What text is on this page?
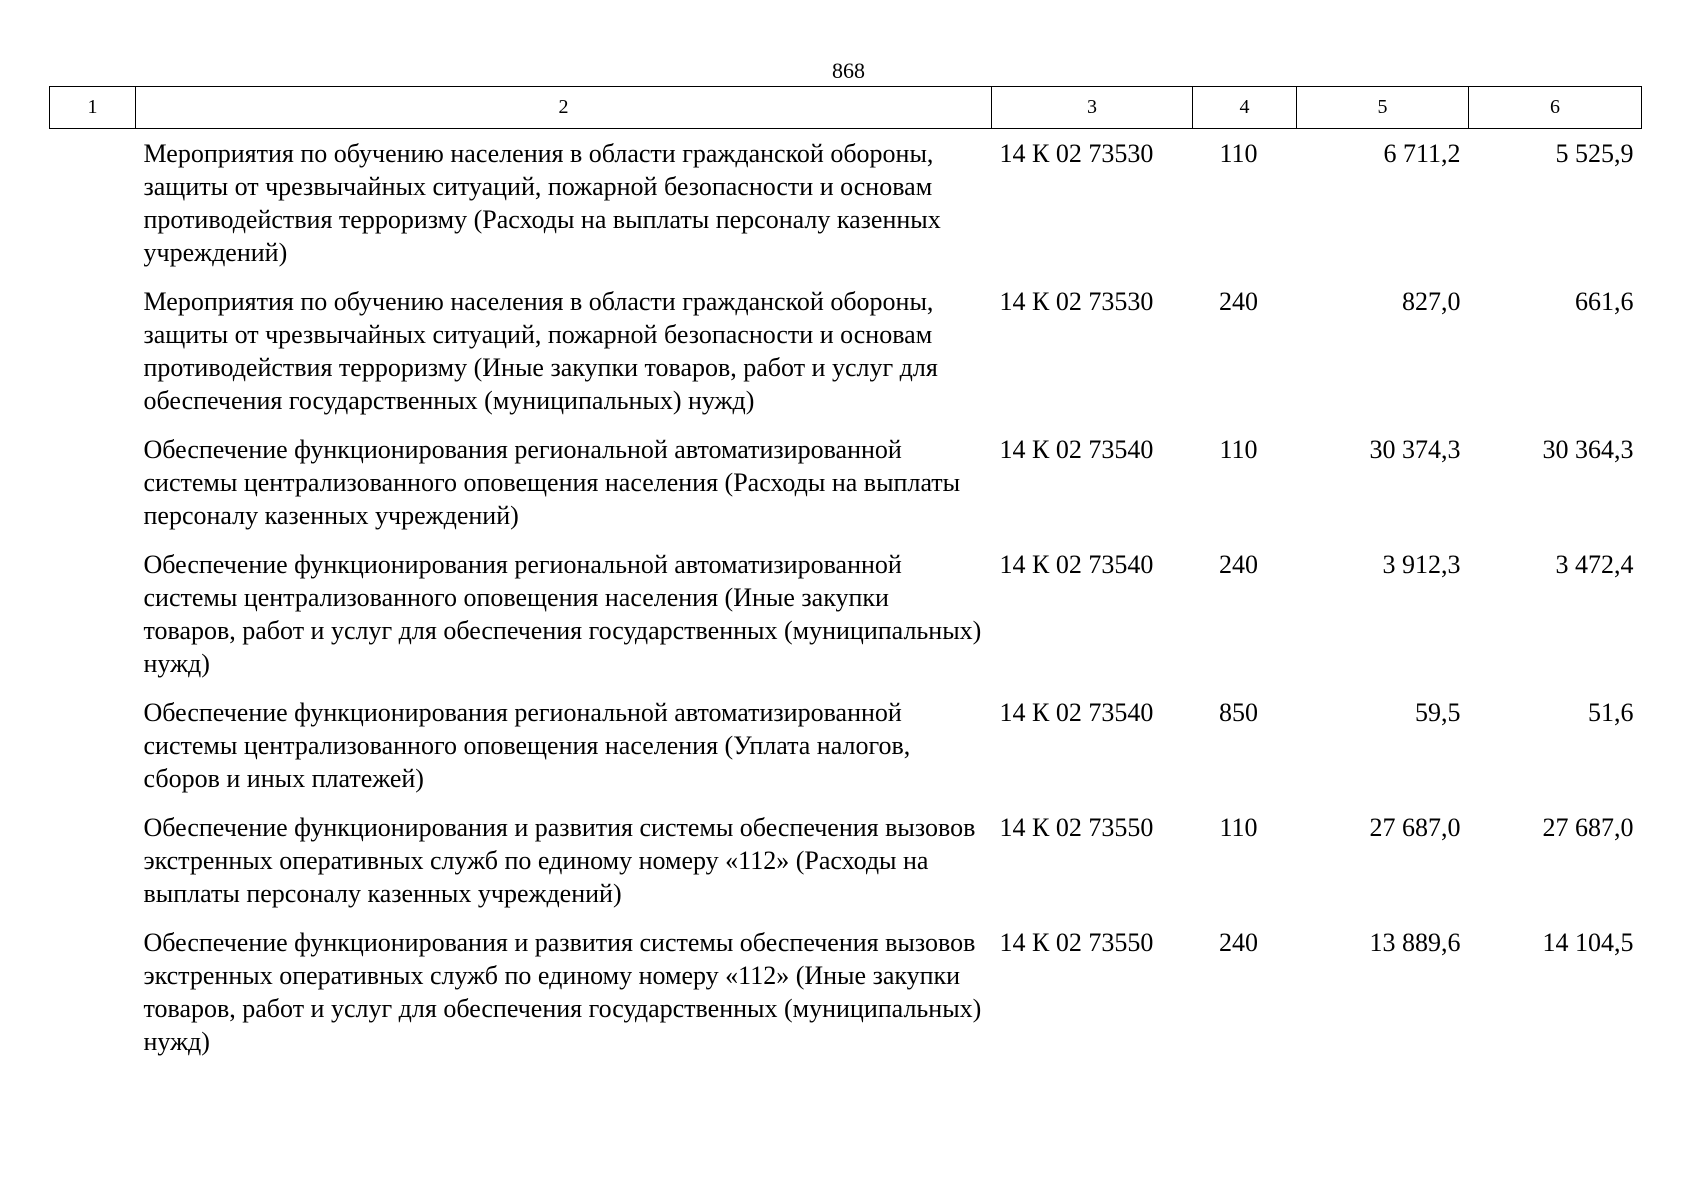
868
1	2	3	4	5	6
	Мероприятия по обучению населения в области гражданской обороны, защиты от чрезвычайных ситуаций, пожарной безопасности и основам противодействия терроризму (Расходы на выплаты персоналу казенных учреждений)	14 К 02 73530	110	6 711,2	5 525,9
	Мероприятия по обучению населения в области гражданской обороны, защиты от чрезвычайных ситуаций, пожарной безопасности и основам противодействия терроризму (Иные закупки товаров, работ и услуг для обеспечения государственных (муниципальных) нужд)	14 К 02 73530	240	827,0	661,6
	Обеспечение функционирования региональной автоматизированной системы централизованного оповещения населения (Расходы на выплаты персоналу казенных учреждений)	14 К 02 73540	110	30 374,3	30 364,3
	Обеспечение функционирования региональной автоматизированной системы централизованного оповещения населения (Иные закупки товаров, работ и услуг для обеспечения государственных (муниципальных) нужд)	14 К 02 73540	240	3 912,3	3 472,4
	Обеспечение функционирования региональной автоматизированной системы централизованного оповещения населения (Уплата налогов, сборов и иных платежей)	14 К 02 73540	850	59,5	51,6
	Обеспечение функционирования и развития системы обеспечения вызовов экстренных оперативных служб по единому номеру «112» (Расходы на выплаты персоналу казенных учреждений)	14 К 02 73550	110	27 687,0	27 687,0
	Обеспечение функционирования и развития системы обеспечения вызовов экстренных оперативных служб по единому номеру «112» (Иные закупки товаров, работ и услуг для обеспечения государственных (муниципальных) нужд)	14 К 02 73550	240	13 889,6	14 104,5
